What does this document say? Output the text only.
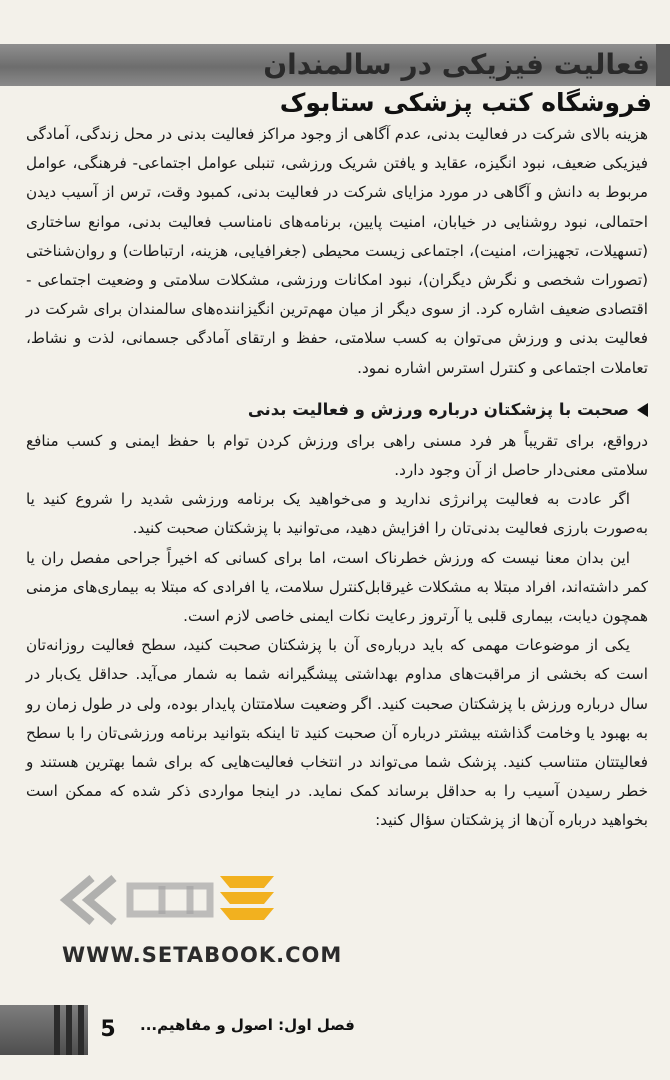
فعالیت فیزیکی در سالمندان
فروشگاه کتب پزشکی ستابوک

هزینه بالای شرکت در فعالیت بدنی، عدم آگاهی از وجود مراکز فعالیت بدنی در محل زندگی، آمادگی فیزیکی ضعیف، نبود انگیزه، عقاید و یافتن شریک ورزشی، تنبلی عوامل اجتماعی- فرهنگی، عوامل مربوط به دانش و آگاهی در مورد مزایای شرکت در فعالیت بدنی، کمبود وقت، ترس از آسیب دیدن احتمالی، نبود روشنایی در خیابان، امنیت پایین، برنامه‌های نامناسب فعالیت بدنی، موانع ساختاری (تسهیلات، تجهیزات، امنیت)، اجتماعی زیست محیطی (جغرافیایی، هزینه، ارتباطات) و روان‌شناختی (تصورات شخصی و نگرش دیگران)، نبود امکانات ورزشی، مشکلات سلامتی و وضعیت اجتماعی - اقتصادی ضعیف اشاره کرد. از سوی دیگر از میان مهم‌ترین انگیزاننده‌های سالمندان برای شرکت در فعالیت بدنی و ورزش می‌توان به کسب سلامتی، حفظ و ارتقای آمادگی جسمانی، لذت و نشاط، تعاملات اجتماعی و کنترل استرس اشاره نمود.

صحبت با پزشکتان درباره ورزش و فعالیت بدنی

درواقع، برای تقریباً هر فرد مسنی راهی برای ورزش کردن توام با حفظ ایمنی و کسب منافع سلامتی معنی‌دار حاصل از آن وجود دارد.

اگر عادت به فعالیت پرانرژی ندارید و می‌خواهید یک برنامه ورزشی شدید را شروع کنید یا به‌صورت بارزی فعالیت بدنی‌تان را افزایش دهید، می‌توانید با پزشکتان صحبت کنید.

این بدان معنا نیست که ورزش خطرناک است، اما برای کسانی که اخیراً جراحی مفصل ران یا کمر داشته‌اند، افراد مبتلا به مشکلات غیرقابل‌کنترل سلامت، یا افرادی که مبتلا به بیماری‌های مزمنی همچون دیابت، بیماری قلبی یا آرتروز رعایت نکات ایمنی خاصی لازم است.

یکی از موضوعات مهمی که باید درباره‌ی آن با پزشکتان صحبت کنید، سطح فعالیت روزانه‌تان است که بخشی از مراقبت‌های مداوم بهداشتی پیشگیرانه شما به شمار می‌آید. حداقل یک‌بار در سال درباره ورزش با پزشکتان صحبت کنید. اگر وضعیت سلامتتان پایدار بوده، ولی در طول زمان رو به بهبود یا وخامت گذاشته بیشتر درباره آن صحبت کنید تا اینکه بتوانید برنامه ورزشی‌تان را با سطح فعالیتتان متناسب کنید. پزشک شما می‌تواند در انتخاب فعالیت‌هایی که برای شما بهترین هستند و خطر رسیدن آسیب را به حداقل برساند کمک نماید. در اینجا مواردی ذکر شده که ممکن است بخواهید درباره آن‌ها از پزشکتان سؤال کنید:

WWW.SETABOOK.COM
5	فصل اول: اصول و مفاهیم...
